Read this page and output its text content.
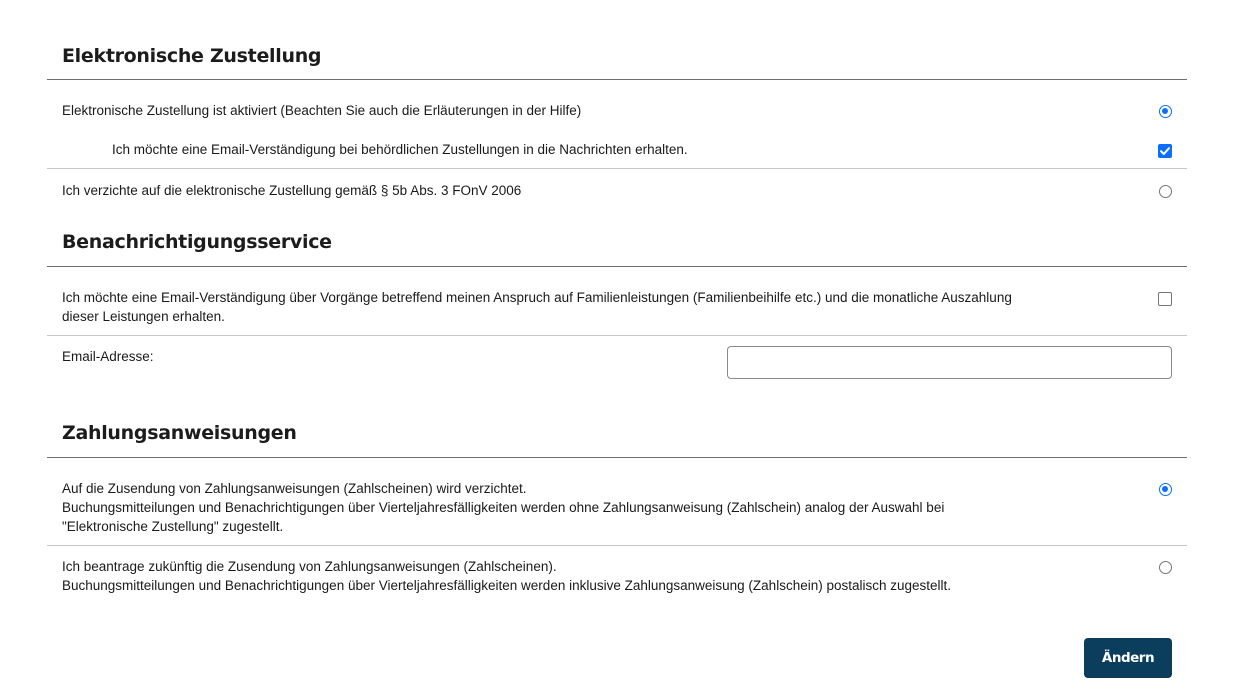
Elektronische Zustellung
Elektronische Zustellung ist aktiviert (Beachten Sie auch die Erläuterungen in der Hilfe)
Ich möchte eine Email-Verständigung bei behördlichen Zustellungen in die Nachrichten erhalten.
Ich verzichte auf die elektronische Zustellung gemäß § 5b Abs. 3 FOnV 2006
Benachrichtigungsservice
Ich möchte eine Email-Verständigung über Vorgänge betreffend meinen Anspruch auf Familienleistungen (Familienbeihilfe etc.) und die monatliche Auszahlung
dieser Leistungen erhalten.
Email-Adresse:
Zahlungsanweisungen
Auf die Zusendung von Zahlungsanweisungen (Zahlscheinen) wird verzichtet.
Buchungsmitteilungen und Benachrichtigungen über Vierteljahresfälligkeiten werden ohne Zahlungsanweisung (Zahlschein) analog der Auswahl bei
"Elektronische Zustellung" zugestellt.
Ich beantrage zukünftig die Zusendung von Zahlungsanweisungen (Zahlscheinen).
Buchungsmitteilungen und Benachrichtigungen über Vierteljahresfälligkeiten werden inklusive Zahlungsanweisung (Zahlschein) postalisch zugestellt.
Ändern
